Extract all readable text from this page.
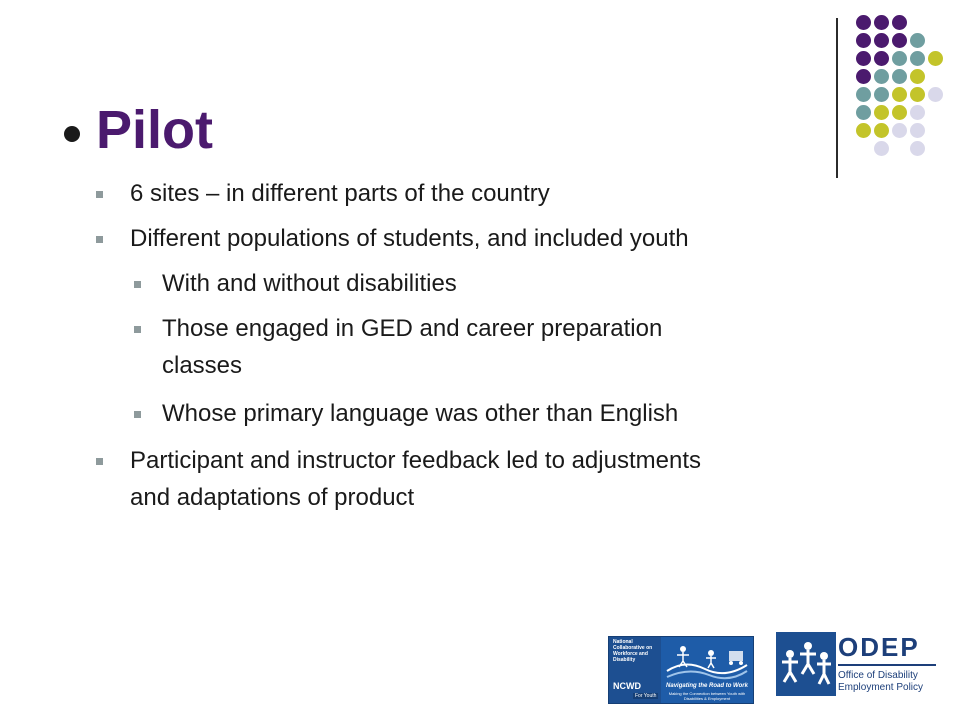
Pilot
6 sites – in different parts of the country
Different populations of students, and included youth
With and without disabilities
Those engaged in GED and career preparation
classes
Whose primary language was other than English
Participant and instructor feedback led to adjustments
and adaptations of product
National Collaborative on Workforce and Disability
NCWD
For Youth
Navigating the Road to Work
Making the Connection between Youth with Disabilities & Employment
ODEP
Office of Disability
Employment Policy
